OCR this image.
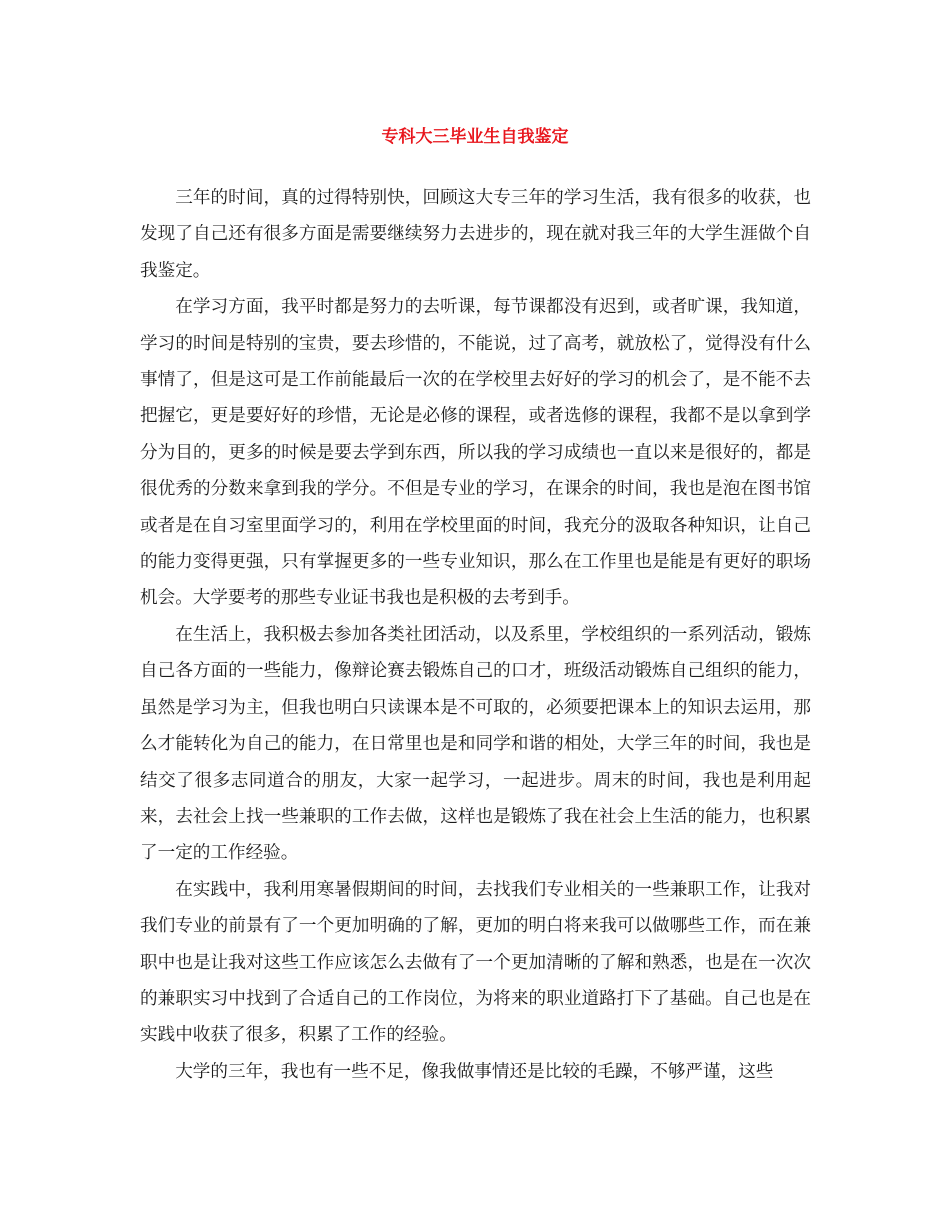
专科大三毕业生自我鉴定

三年的时间，真的过得特别快，回顾这大专三年的学习生活，我有很多的收获，也发现了自己还有很多方面是需要继续努力去进步的，现在就对我三年的大学生涯做个自我鉴定。

在学习方面，我平时都是努力的去听课，每节课都没有迟到，或者旷课，我知道，学习的时间是特别的宝贵，要去珍惜的，不能说，过了高考，就放松了，觉得没有什么事情了，但是这可是工作前能最后一次的在学校里去好好的学习的机会了，是不能不去把握它，更是要好好的珍惜，无论是必修的课程，或者选修的课程，我都不是以拿到学分为目的，更多的时候是要去学到东西，所以我的学习成绩也一直以来是很好的，都是很优秀的分数来拿到我的学分。不但是专业的学习，在课余的时间，我也是泡在图书馆或者是在自习室里面学习的，利用在学校里面的时间，我充分的汲取各种知识，让自己的能力变得更强，只有掌握更多的一些专业知识，那么在工作里也是能是有更好的职场机会。大学要考的那些专业证书我也是积极的去考到手。

在生活上，我积极去参加各类社团活动，以及系里，学校组织的一系列活动，锻炼自己各方面的一些能力，像辩论赛去锻炼自己的口才，班级活动锻炼自己组织的能力，虽然是学习为主，但我也明白只读课本是不可取的，必须要把课本上的知识去运用，那么才能转化为自己的能力，在日常里也是和同学和谐的相处，大学三年的时间，我也是结交了很多志同道合的朋友，大家一起学习，一起进步。周末的时间，我也是利用起来，去社会上找一些兼职的工作去做，这样也是锻炼了我在社会上生活的能力，也积累了一定的工作经验。

在实践中，我利用寒暑假期间的时间，去找我们专业相关的一些兼职工作，让我对我们专业的前景有了一个更加明确的了解，更加的明白将来我可以做哪些工作，而在兼职中也是让我对这些工作应该怎么去做有了一个更加清晰的了解和熟悉，也是在一次次的兼职实习中找到了合适自己的工作岗位，为将来的职业道路打下了基础。自己也是在实践中收获了很多，积累了工作的经验。

大学的三年，我也有一些不足，像我做事情还是比较的毛躁，不够严谨，这些
